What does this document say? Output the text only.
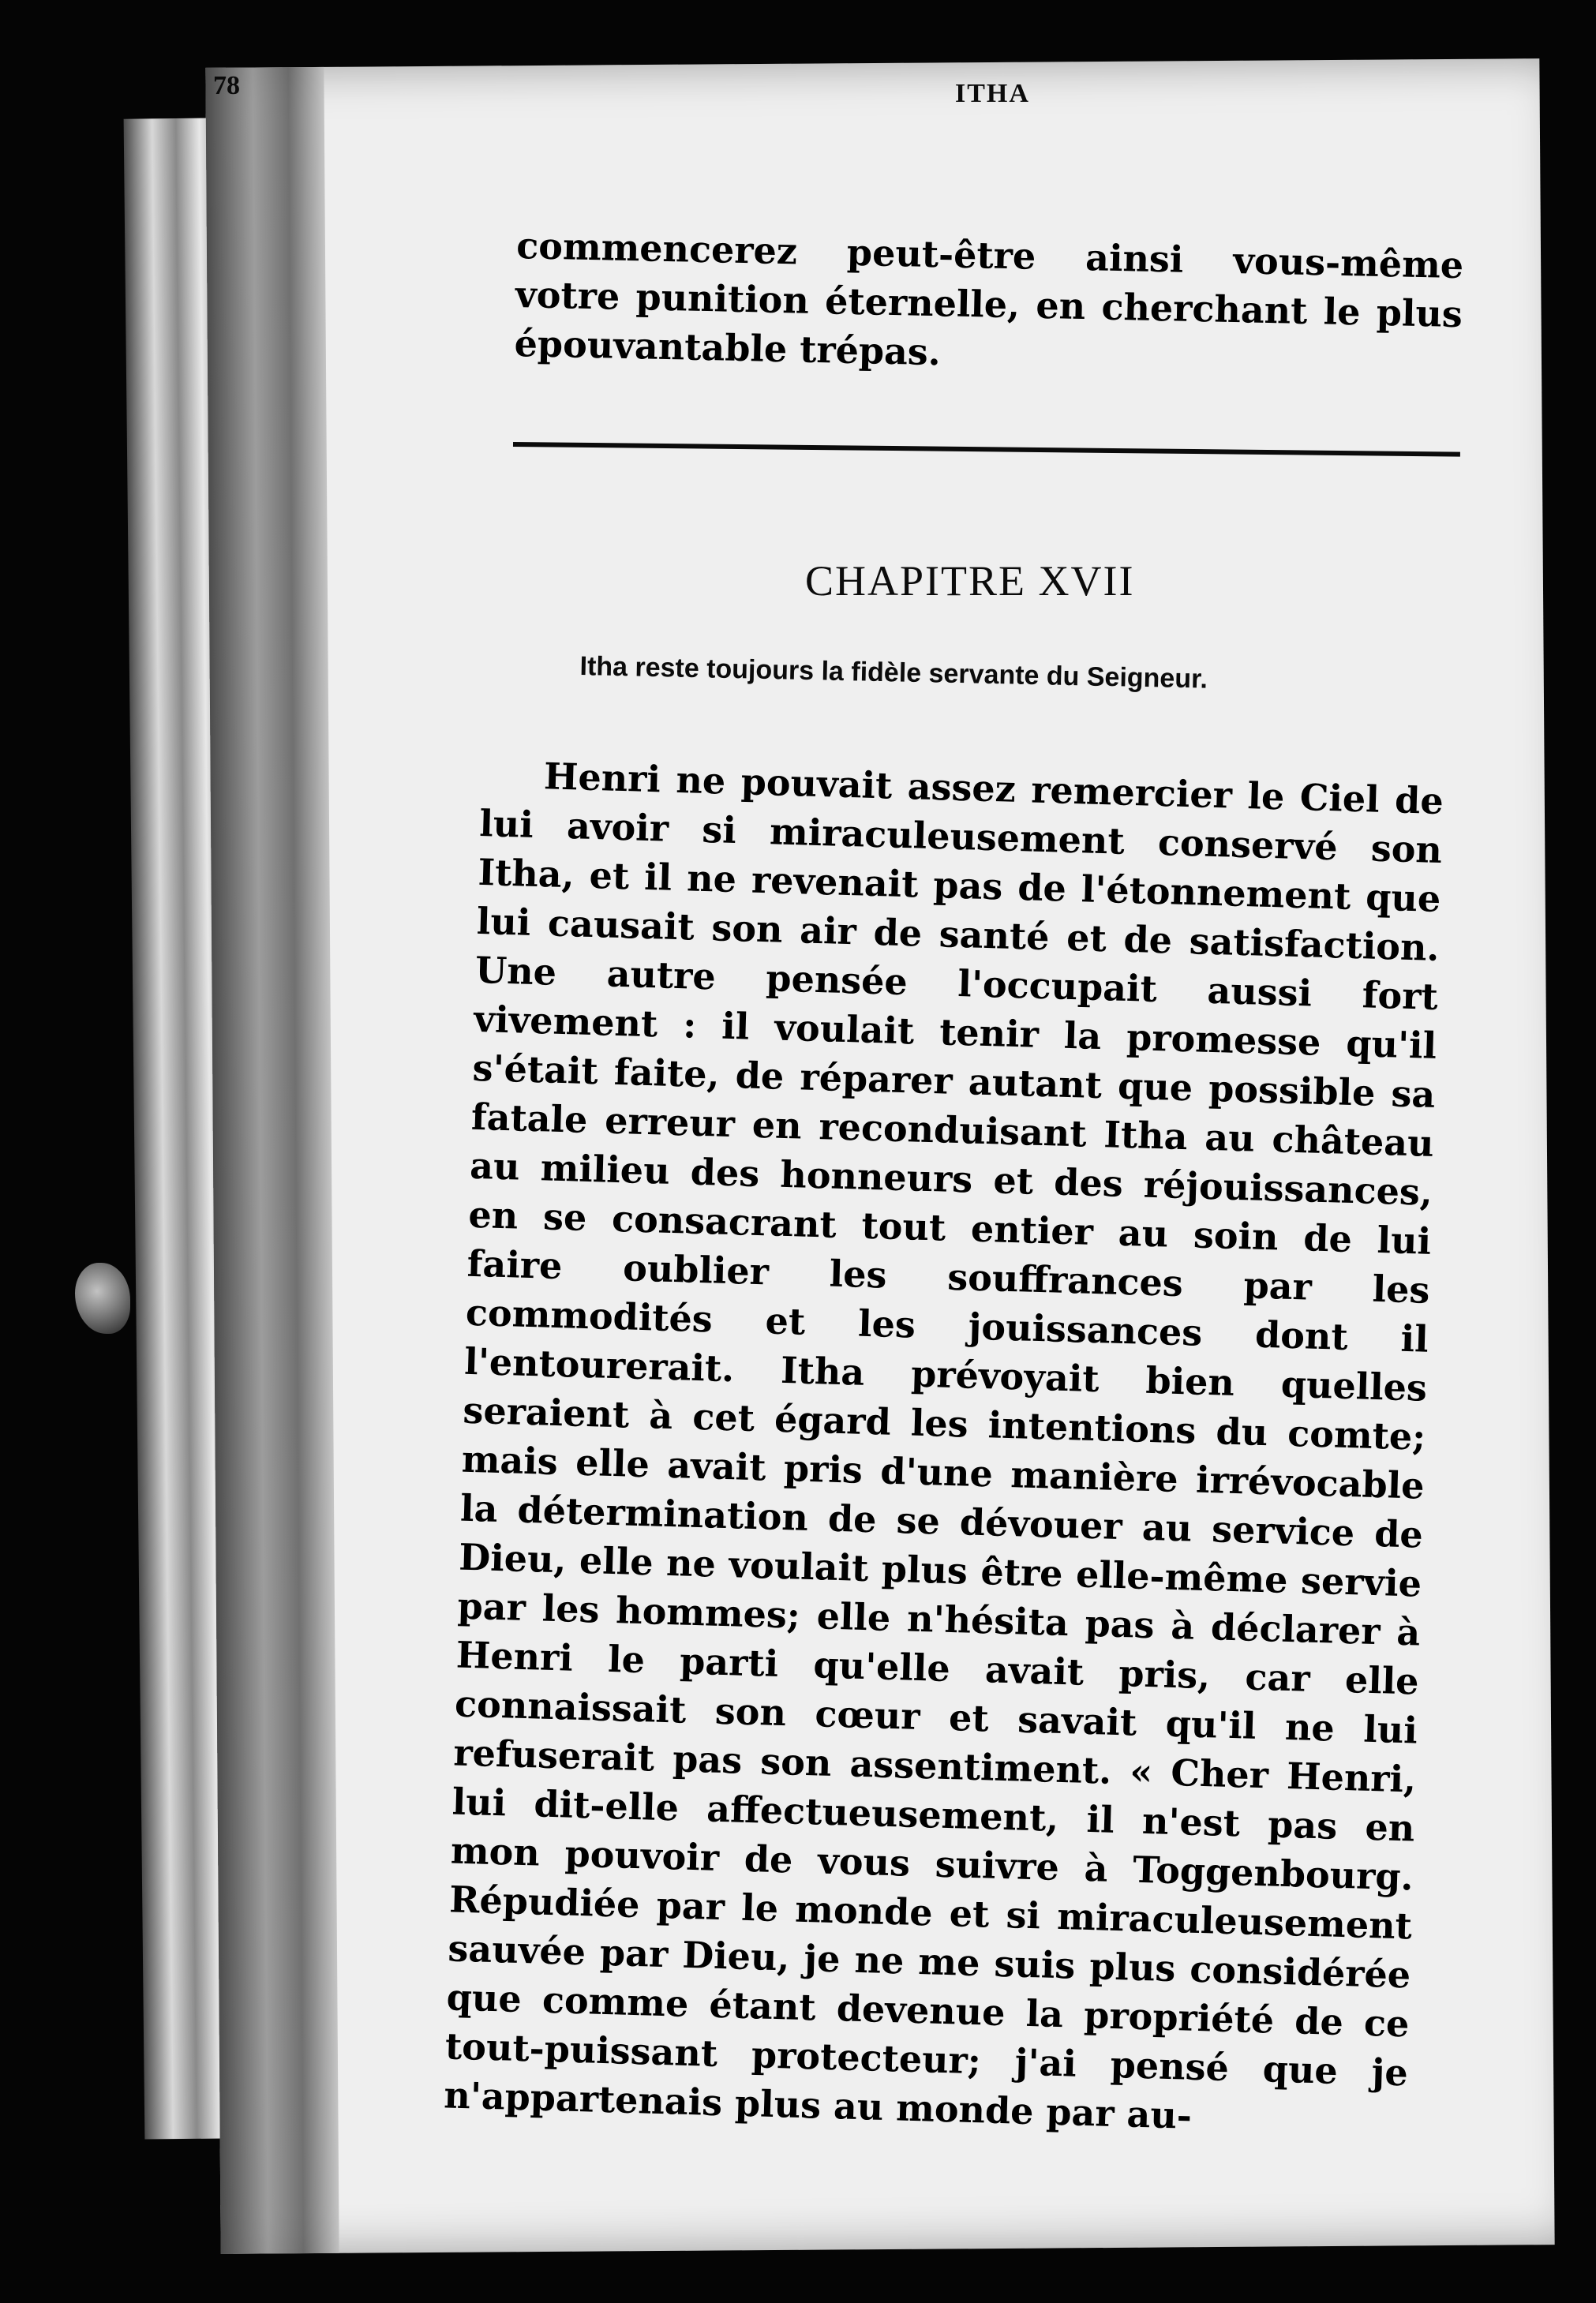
78	ITHA

commencerez peut-être ainsi vous-même votre punition éternelle, en cherchant le plus épouvantable trépas.

CHAPITRE XVII
Itha reste toujours la fidèle servante du Seigneur.

Henri ne pouvait assez remercier le Ciel de lui avoir si miraculeusement conservé son Itha, et il ne revenait pas de l'étonnement que lui causait son air de santé et de satisfaction. Une autre pensée l'occupait aussi fort vivement : il voulait tenir la promesse qu'il s'était faite, de réparer autant que possible sa fatale erreur en reconduisant Itha au château au milieu des honneurs et des réjouissances, en se consacrant tout entier au soin de lui faire oublier les souffrances par les commodités et les jouissances dont il l'entourerait. Itha prévoyait bien quelles seraient à cet égard les intentions du comte; mais elle avait pris d'une manière irrévocable la détermination de se dévouer au service de Dieu, elle ne voulait plus être elle-même servie par les hommes; elle n'hésita pas à déclarer à Henri le parti qu'elle avait pris, car elle connaissait son cœur et savait qu'il ne lui refuserait pas son assentiment. « Cher Henri, lui dit-elle affectueusement, il n'est pas en mon pouvoir de vous suivre à Toggenbourg. Répudiée par le monde et si miraculeusement sauvée par Dieu, je ne me suis plus considérée que comme étant devenue la propriété de ce tout-puissant protecteur; j'ai pensé que je n'appartenais plus au monde par au-
